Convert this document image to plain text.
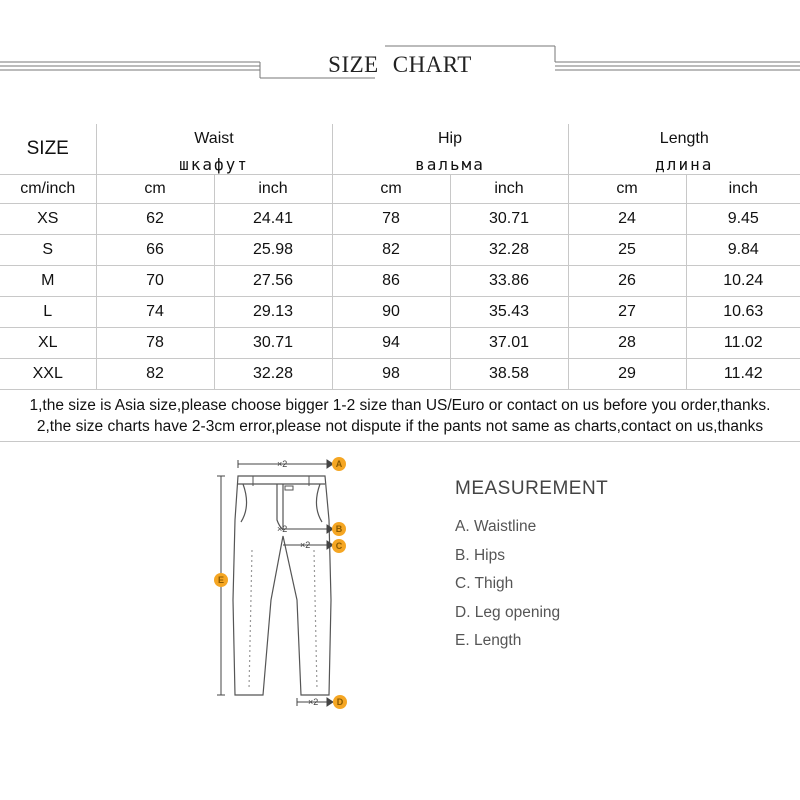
SIZE CHART
SIZE	Waist		Hip		Length	
	шкафут		вальма		длина	
cm/inch	cm	inch	cm	inch	cm	inch
XS	62	24.41	78	30.71	24	9.45
S	66	25.98	82	32.28	25	9.84
M	70	27.56	86	33.86	26	10.24
L	74	29.13	90	35.43	27	10.63
XL	78	30.71	94	37.01	28	11.02
XXL	82	32.28	98	38.58	29	11.42
1,the size is Asia size,please choose bigger 1-2 size than US/Euro or contact on us before you order,thanks.
2,the size charts have 2-3cm error,please not dispute if the pants not same as charts,contact on us,thanks
×2
×2
×2
×2
A
B
C
D
E
MEASUREMENT
A. Waistline
B. Hips
C. Thigh
D. Leg opening
E. Length
